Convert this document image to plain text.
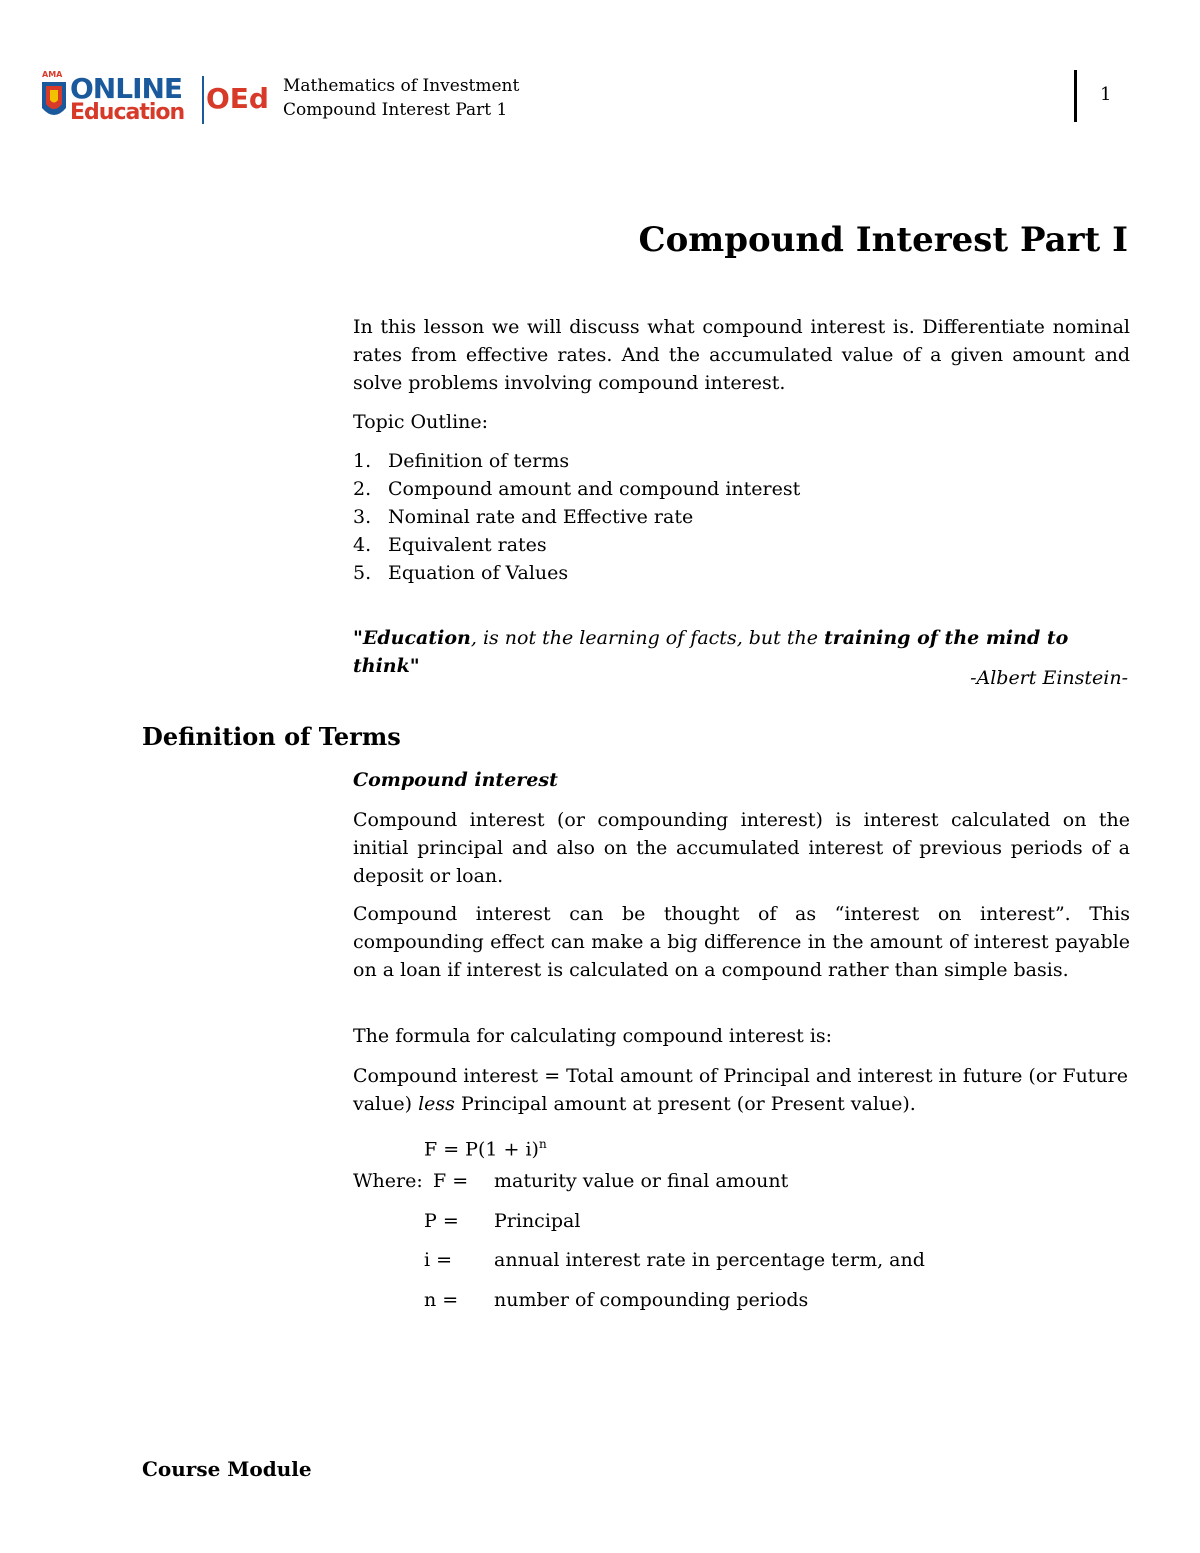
AMA ONLINE
Education OEd Mathematics of Investment
Compound Interest Part 1
1
Compound Interest Part I
In this lesson we will discuss what compound interest is. Differentiate nominal rates from effective rates. And the accumulated value of a given amount and solve problems involving compound interest.
Topic Outline:
1. Definition of terms
2. Compound amount and compound interest
3. Nominal rate and Effective rate
4. Equivalent rates
5. Equation of Values
"Education, is not the learning of facts, but the training of the mind to think"
-Albert Einstein-
Definition of Terms
Compound interest
Compound interest (or compounding interest) is interest calculated on the initial principal and also on the accumulated interest of previous periods of a deposit or loan.
Compound interest can be thought of as “interest on interest”. This compounding effect can make a big difference in the amount of interest payable on a loan if interest is calculated on a compound rather than simple basis.
The formula for calculating compound interest is:
Compound interest = Total amount of Principal and interest in future (or Future value) less Principal amount at present (or Present value).
$F = P(1 + i)^n$
Where: F = maturity value or final amount
P = Principal
i = annual interest rate in percentage term, and
n = number of compounding periods
Course Module
